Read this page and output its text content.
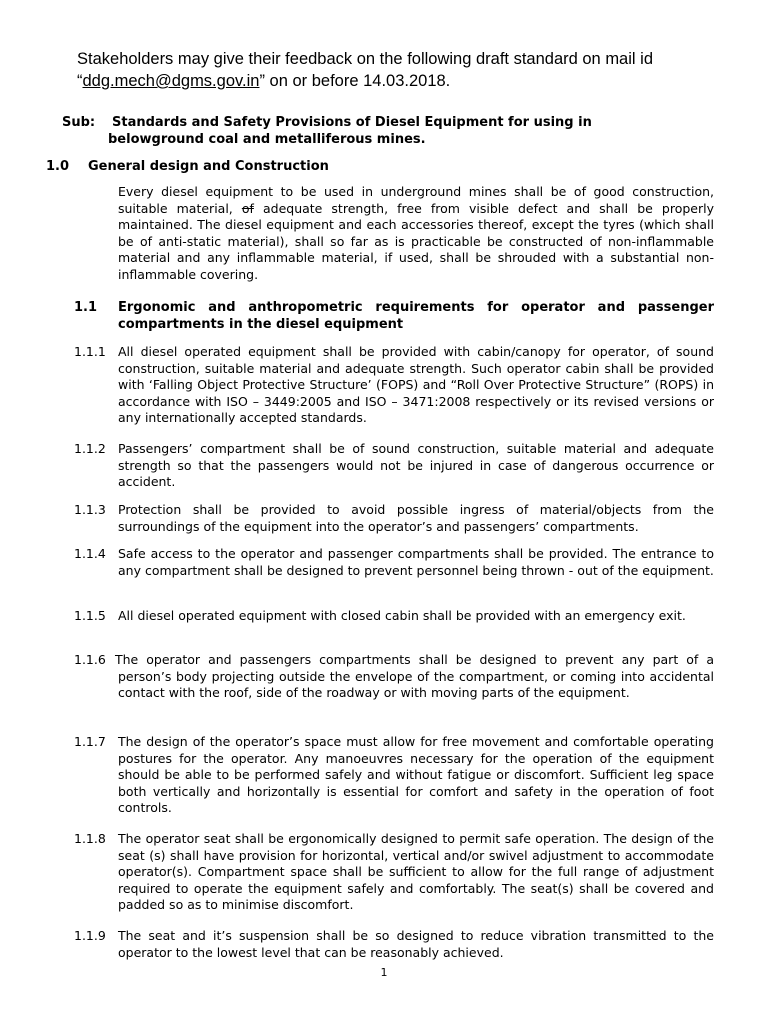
Stakeholders may give their feedback on the following draft standard on mail id
“ddg.mech@dgms.gov.in” on or before 14.03.2018.
Sub: Standards and Safety Provisions of Diesel Equipment for using in
belowground coal and metalliferous mines.
1.0 General design and Construction
Every diesel equipment to be used in underground mines shall be of good construction, suitable material, of adequate strength, free from visible defect and shall be properly maintained. The diesel equipment and each accessories thereof, except the tyres (which shall be of anti-static material), shall so far as is practicable be constructed of non-inflammable material and any inflammable material, if used, shall be shrouded with a substantial non-inflammable covering.
1.1 Ergonomic and anthropometric requirements for operator and passenger compartments in the diesel equipment
1.1.1 All diesel operated equipment shall be provided with cabin/canopy for operator, of sound construction, suitable material and adequate strength. Such operator cabin shall be provided with ‘Falling Object Protective Structure’ (FOPS) and “Roll Over Protective Structure” (ROPS) in accordance with ISO – 3449:2005 and ISO – 3471:2008 respectively or its revised versions or any internationally accepted standards.
1.1.2 Passengers’ compartment shall be of sound construction, suitable material and adequate strength so that the passengers would not be injured in case of dangerous occurrence or accident.
1.1.3 Protection shall be provided to avoid possible ingress of material/objects from the surroundings of the equipment into the operator’s and passengers’ compartments.
1.1.4 Safe access to the operator and passenger compartments shall be provided. The entrance to any compartment shall be designed to prevent personnel being thrown - out of the equipment.
1.1.5 All diesel operated equipment with closed cabin shall be provided with an emergency exit.
1.1.6 The operator and passengers compartments shall be designed to prevent any part of a person’s body projecting outside the envelope of the compartment, or coming into accidental contact with the roof, side of the roadway or with moving parts of the equipment.
1.1.7 The design of the operator’s space must allow for free movement and comfortable operating postures for the operator. Any manoeuvres necessary for the operation of the equipment should be able to be performed safely and without fatigue or discomfort. Sufficient leg space both vertically and horizontally is essential for comfort and safety in the operation of foot controls.
1.1.8 The operator seat shall be ergonomically designed to permit safe operation. The design of the seat (s) shall have provision for horizontal, vertical and/or swivel adjustment to accommodate operator(s). Compartment space shall be sufficient to allow for the full range of adjustment required to operate the equipment safely and comfortably. The seat(s) shall be covered and padded so as to minimise discomfort.
1.1.9 The seat and it’s suspension shall be so designed to reduce vibration transmitted to the operator to the lowest level that can be reasonably achieved.
1
